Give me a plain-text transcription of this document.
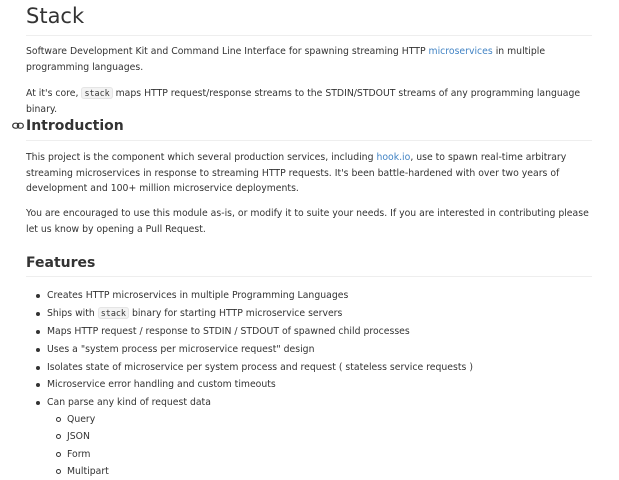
Stack

Software Development Kit and Command Line Interface for spawning streaming HTTP microservices in multiple programming languages.

At it's core, stack maps HTTP request/response streams to the STDIN/STDOUT streams of any programming language binary.

Introduction

This project is the component which several production services, including hook.io, use to spawn real-time arbitrary streaming microservices in response to streaming HTTP requests. It's been battle-hardened with over two years of development and 100+ million microservice deployments.

You are encouraged to use this module as-is, or modify it to suite your needs. If you are interested in contributing please let us know by opening a Pull Request.

Features
Creates HTTP microservices in multiple Programming Languages
Ships with stack binary for starting HTTP microservice servers
Maps HTTP request / response to STDIN / STDOUT of spawned child processes
Uses a "system process per microservice request" design
Isolates state of microservice per system process and request ( stateless service requests )
Microservice error handling and custom timeouts
Can parse any kind of request data
Query
JSON
Form
Multipart
